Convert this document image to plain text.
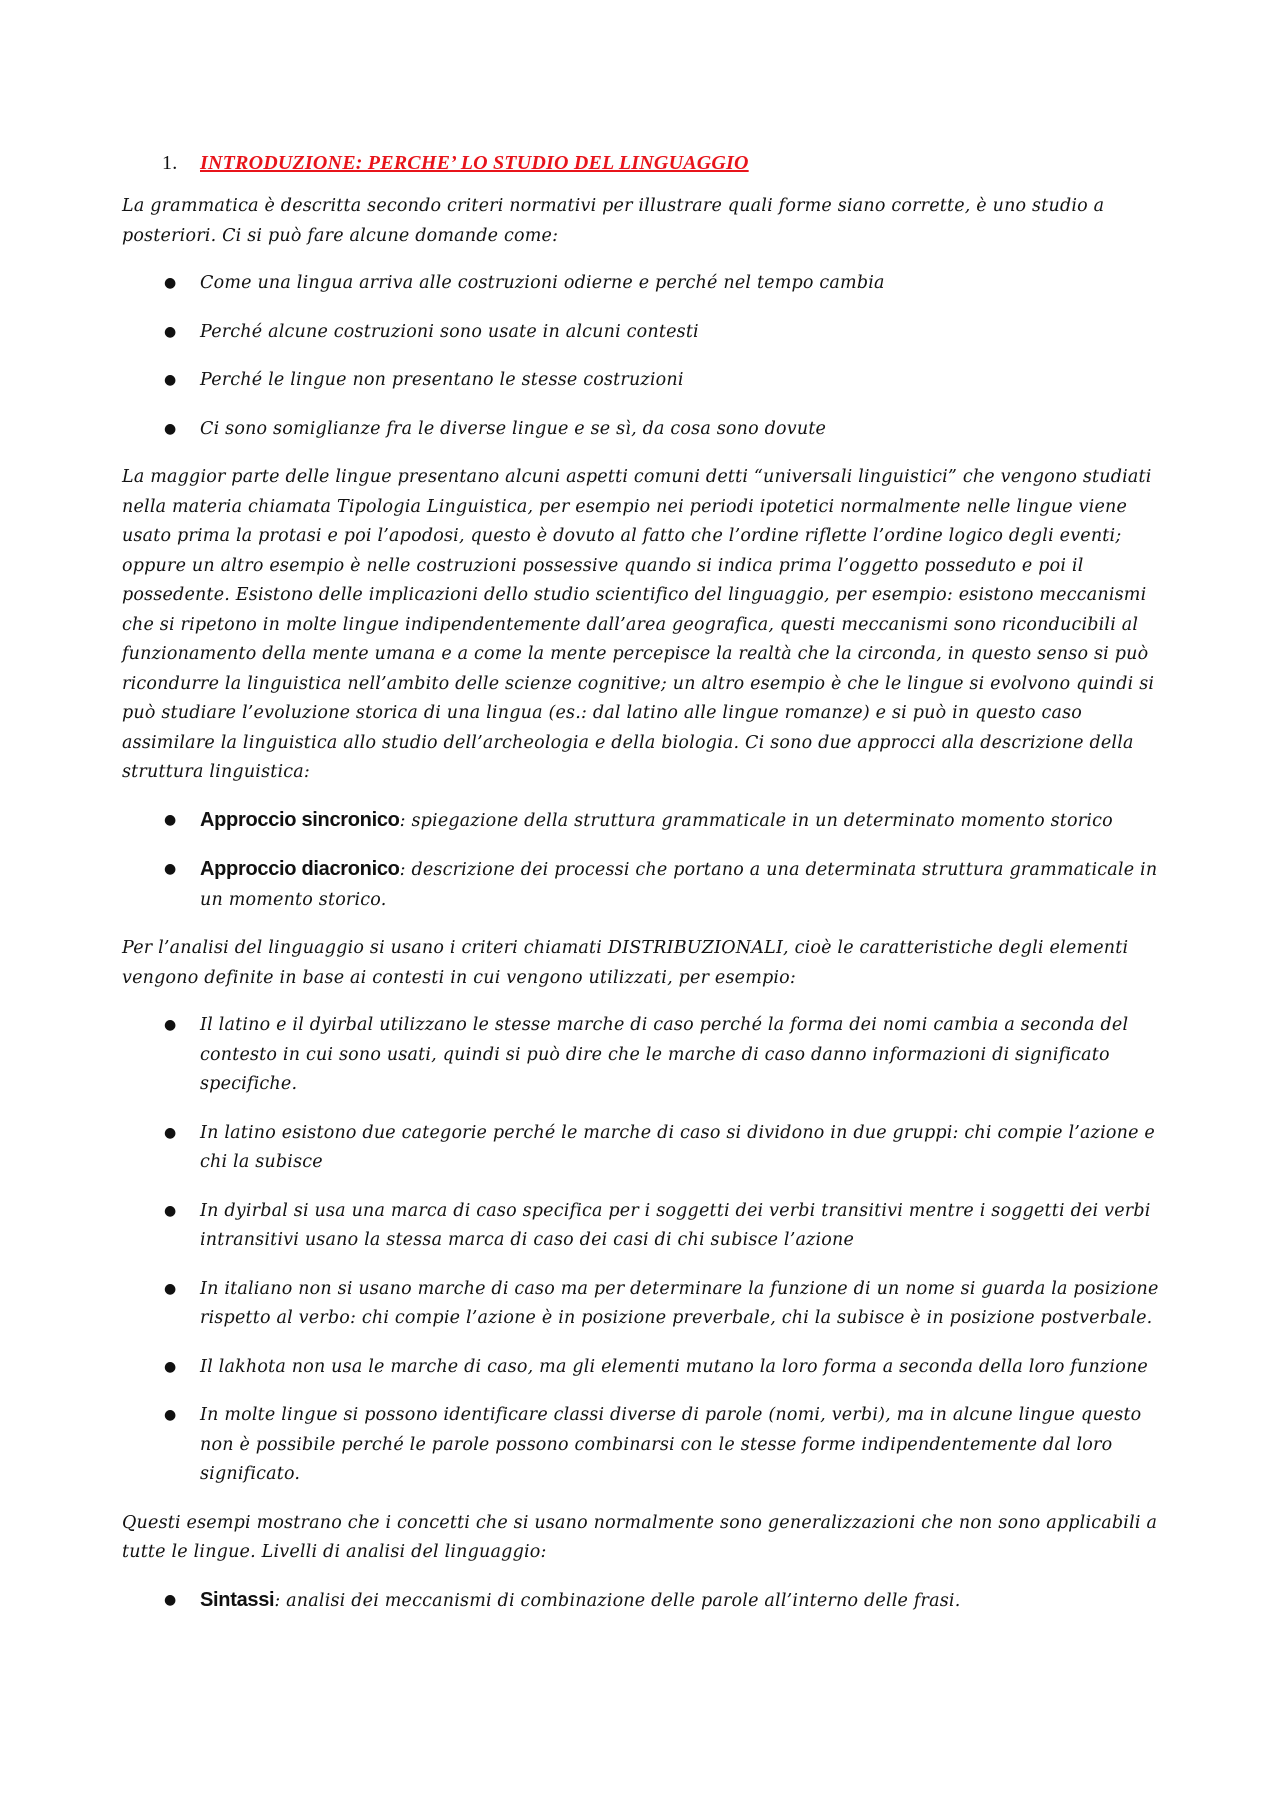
1.	INTRODUZIONE: PERCHE’ LO STUDIO DEL LINGUAGGIO

La grammatica è descritta secondo criteri normativi per illustrare quali forme siano corrette, è uno studio a posteriori. Ci si può fare alcune domande come:

● Come una lingua arriva alle costruzioni odierne e perché nel tempo cambia
● Perché alcune costruzioni sono usate in alcuni contesti
● Perché le lingue non presentano le stesse costruzioni
● Ci sono somiglianze fra le diverse lingue e se sì, da cosa sono dovute

La maggior parte delle lingue presentano alcuni aspetti comuni detti “universali linguistici” che vengono studiati nella materia chiamata Tipologia Linguistica, per esempio nei periodi ipotetici normalmente nelle lingue viene usato prima la protasi e poi l’apodosi, questo è dovuto al fatto che l’ordine riflette l’ordine logico degli eventi; oppure un altro esempio è nelle costruzioni possessive quando si indica prima l’oggetto posseduto e poi il possedente. Esistono delle implicazioni dello studio scientifico del linguaggio, per esempio: esistono meccanismi che si ripetono in molte lingue indipendentemente dall’area geografica, questi meccanismi sono riconducibili al funzionamento della mente umana e a come la mente percepisce la realtà che la circonda, in questo senso si può ricondurre la linguistica nell’ambito delle scienze cognitive; un altro esempio è che le lingue si evolvono quindi si può studiare l’evoluzione storica di una lingua (es.: dal latino alle lingue romanze) e si può in questo caso assimilare la linguistica allo studio dell’archeologia e della biologia. Ci sono due approcci alla descrizione della struttura linguistica:

● Approccio sincronico: spiegazione della struttura grammaticale in un determinato momento storico
● Approccio diacronico: descrizione dei processi che portano a una determinata struttura grammaticale in un momento storico.

Per l’analisi del linguaggio si usano i criteri chiamati DISTRIBUZIONALI, cioè le caratteristiche degli elementi vengono definite in base ai contesti in cui vengono utilizzati, per esempio:

● Il latino e il dyirbal utilizzano le stesse marche di caso perché la forma dei nomi cambia a seconda del contesto in cui sono usati, quindi si può dire che le marche di caso danno informazioni di significato specifiche.
● In latino esistono due categorie perché le marche di caso si dividono in due gruppi: chi compie l’azione e chi la subisce
● In dyirbal si usa una marca di caso specifica per i soggetti dei verbi transitivi mentre i soggetti dei verbi intransitivi usano la stessa marca di caso dei casi di chi subisce l’azione
● In italiano non si usano marche di caso ma per determinare la funzione di un nome si guarda la posizione rispetto al verbo: chi compie l’azione è in posizione preverbale, chi la subisce è in posizione postverbale.
● Il lakhota non usa le marche di caso, ma gli elementi mutano la loro forma a seconda della loro funzione
● In molte lingue si possono identificare classi diverse di parole (nomi, verbi), ma in alcune lingue questo non è possibile perché le parole possono combinarsi con le stesse forme indipendentemente dal loro significato.

Questi esempi mostrano che i concetti che si usano normalmente sono generalizzazioni che non sono applicabili a tutte le lingue. Livelli di analisi del linguaggio:

● Sintassi: analisi dei meccanismi di combinazione delle parole all’interno delle frasi.
